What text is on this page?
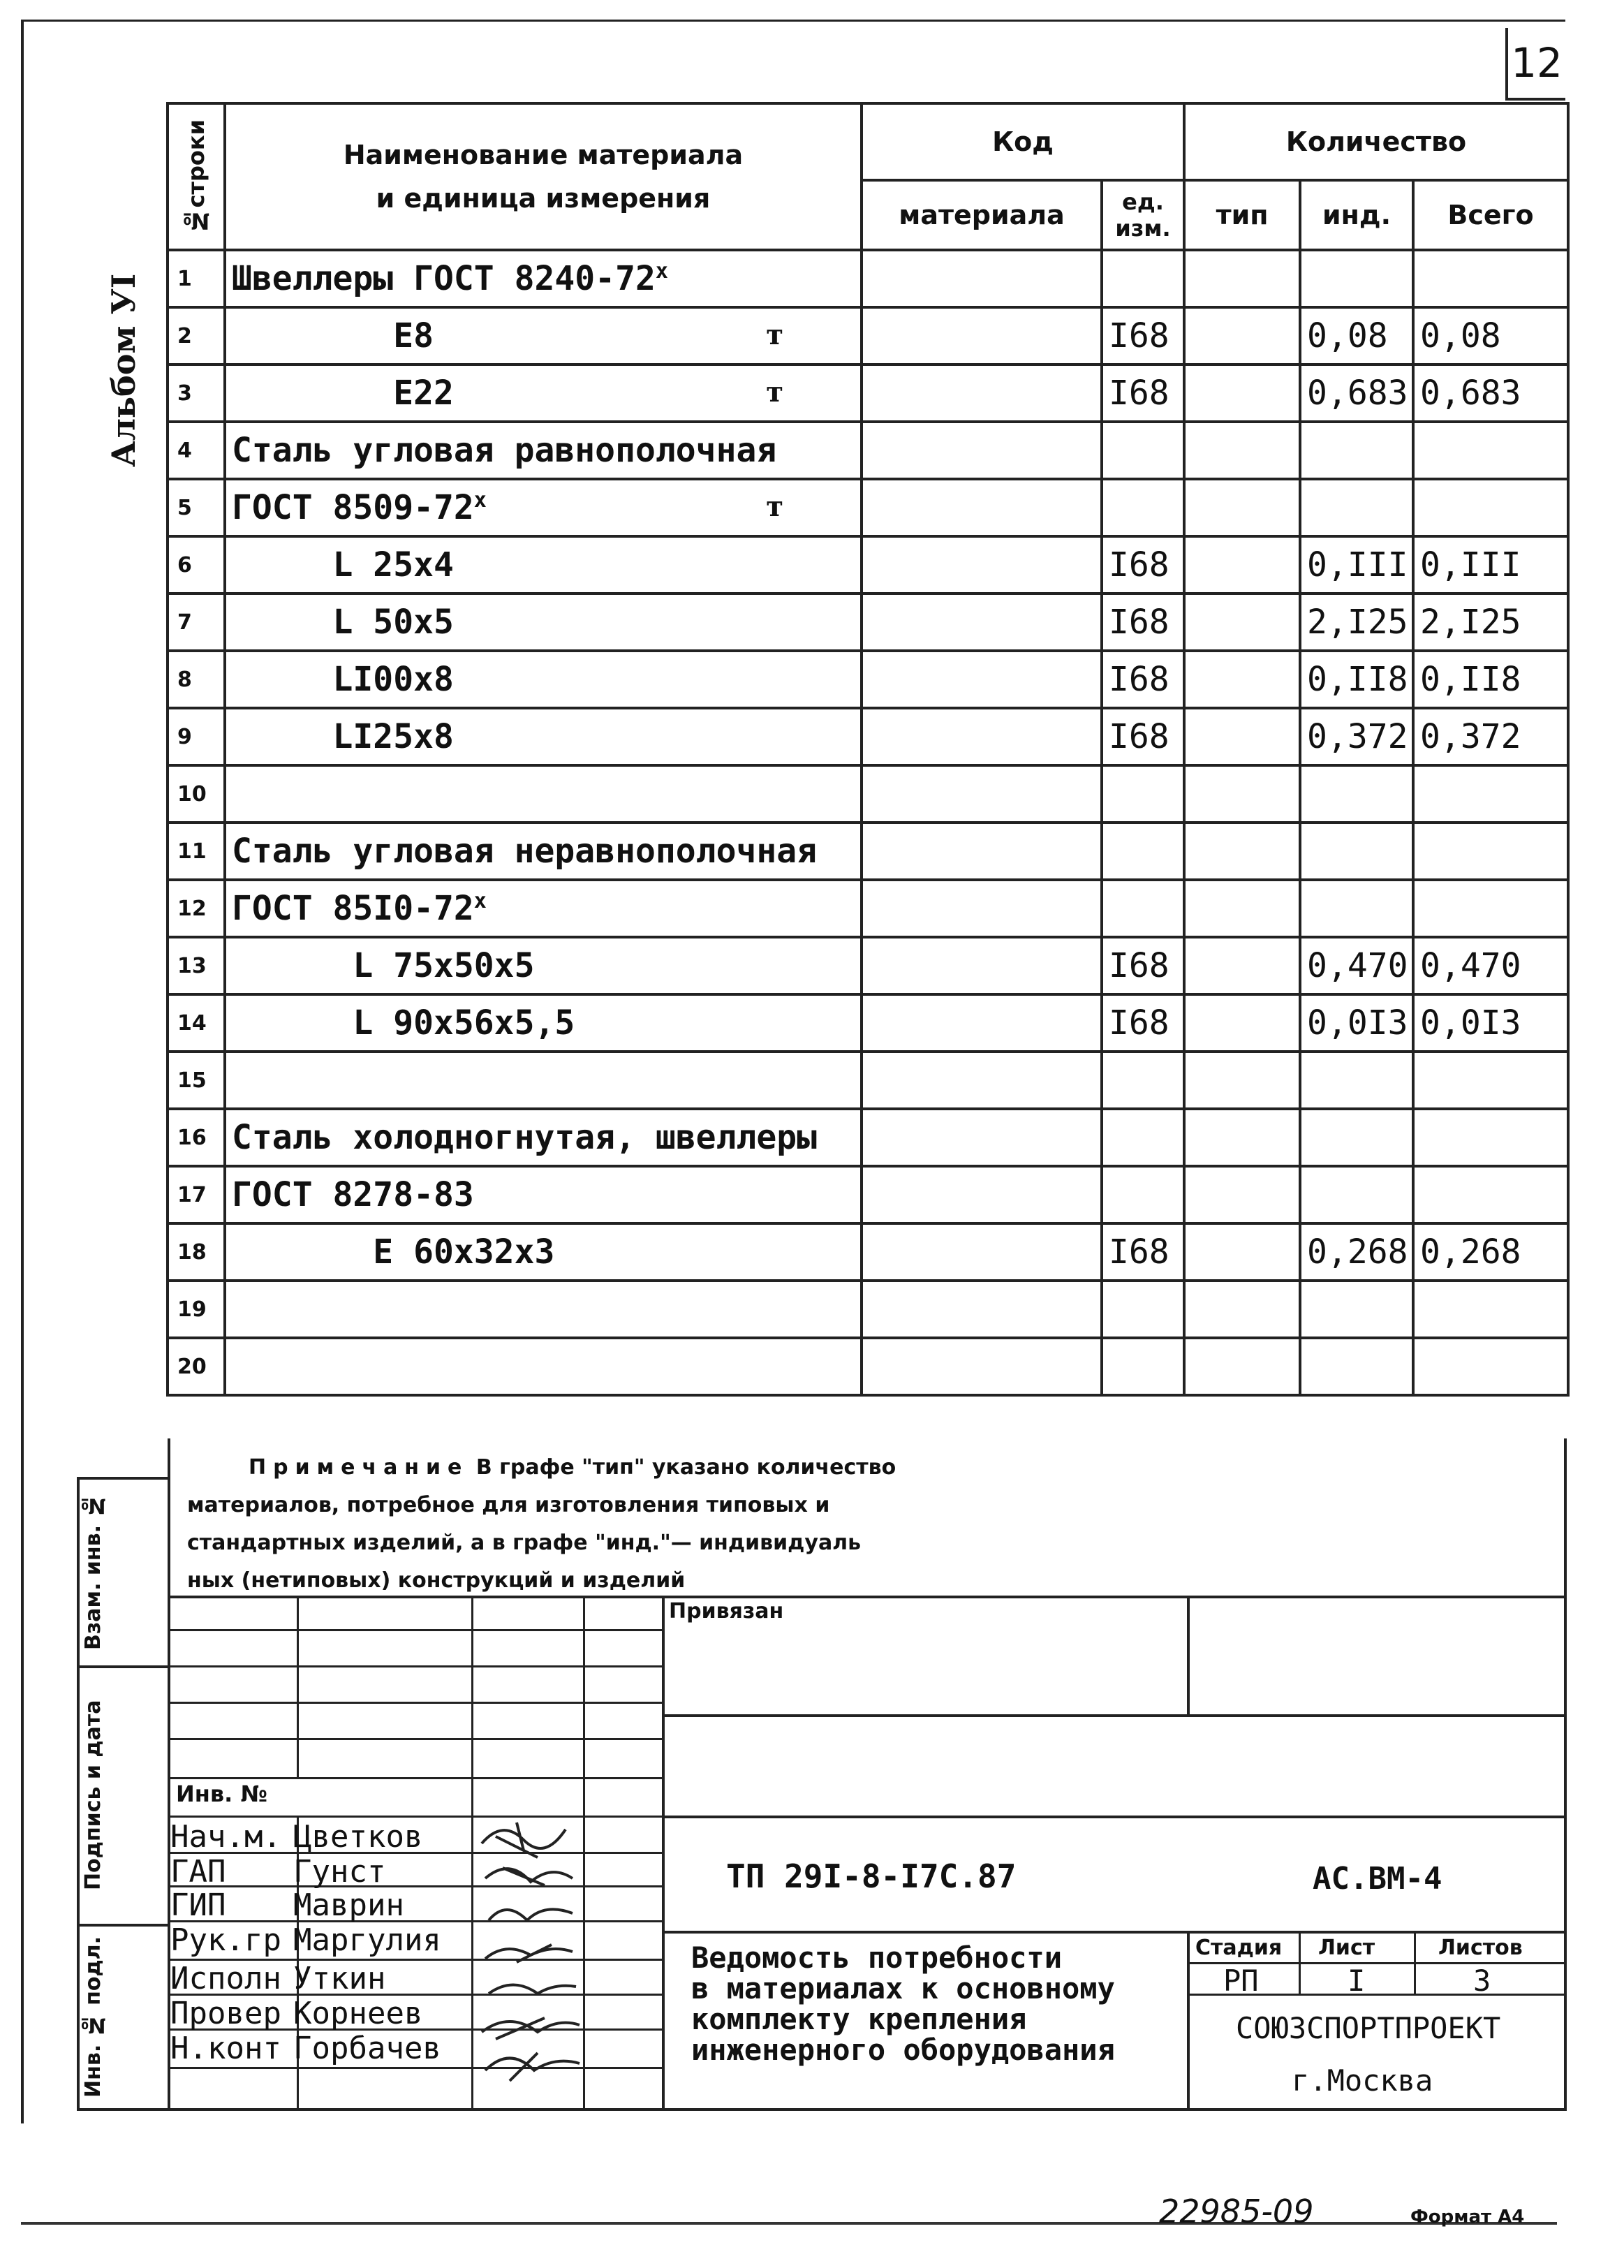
12
Альбом УI
№строки	Наименование материала
и единица измерения	Код		Количество		
		материала	ед. изм.	тип	инд.	Всего
1	Швеллеры ГОСТ 8240-72$^x$

2	Е8 т		I68		0,08	0,08
3	Е22 т		I68		0,683	0,683
4	Сталь угловая равнополочная

5	ГОСТ 8509-72$^x$ т					

6	L 25x4		I68		0,III	0,III
7	L 50x5		I68		2,I25	2,I25
8	LI00x8		I68		0,II8	0,II8
9	LI25x8		I68		0,372	0,372
10	

11	Сталь угловая неравнополочная

12	ГОСТ 85I0-72$^x$

13	L 75x50x5		I68		0,470	0,470
14	L 90x56x5,5		I68		0,0I3	0,0I3
15	

16	Сталь холодногнутая, швеллеры

17	ГОСТ 8278-83

18	Е 60x32x3		I68		0,268	0,268
19	

20	

Примечание В графе "тип" указано количество
материалов, потребное для изготовления типовых и
стандартных изделий, а в графе "инд."— индивидуаль
ных (нетиповых) конструкций и изделий
Взам. инв. №
Подпись и дата
Инв. № подл.
Привязан
Инв. №
Нач.м. Цветков
ГАП Гунст
ГИП Маврин
Рук.гр Маргулия
Исполн Уткин
Провер Корнеев
Н.конт Горбачев
ТП 29I-8-I7С.87	АС.ВМ-4
Ведомость потребности
в материалах к основному
комплекту крепления
инженерного оборудования
Стадия Лист	Листов
РП	I	3
СОЮЗСПОРТПРОЕКТ
г.Москва
22985-09	Формат А4
